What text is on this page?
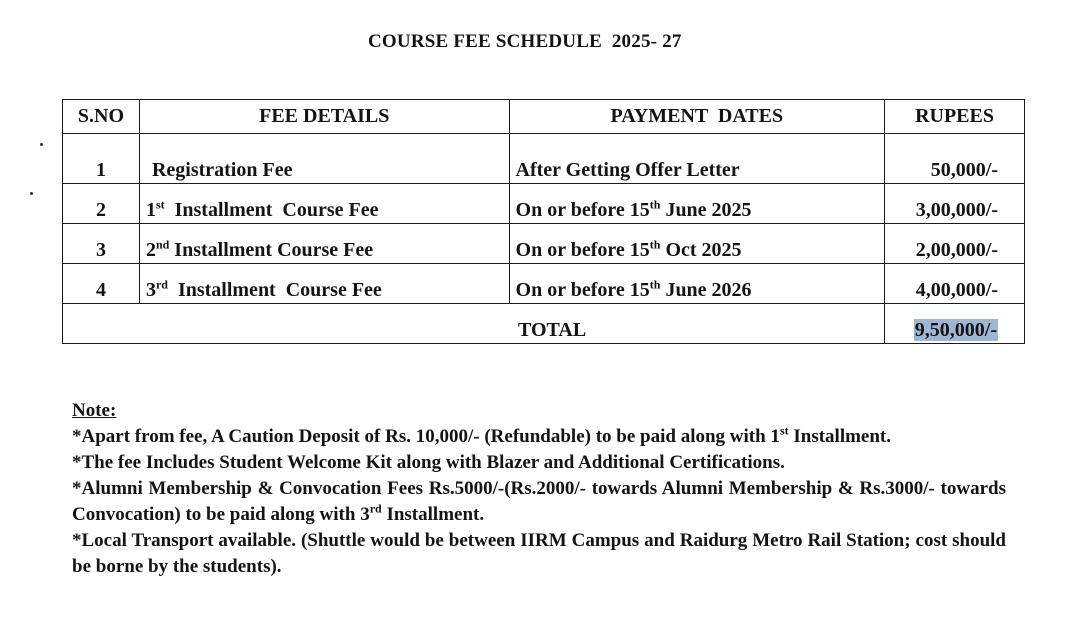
COURSE FEE SCHEDULE  2025- 27
S.NO	FEE DETAILS	PAYMENT  DATES	RUPEES
1	Registration Fee	After Getting Offer Letter	50,000/-
2	1st  Installment  Course Fee	On or before 15th June 2025	3,00,000/-
3	2nd Installment Course Fee	On or before 15th Oct 2025	2,00,000/-
4	3rd  Installment  Course Fee	On or before 15th June 2026	4,00,000/-
		TOTAL	9,50,000/-
Note:

*Apart from fee, A Caution Deposit of Rs. 10,000/- (Refundable) to be paid along with 1st Installment.

*The fee Includes Student Welcome Kit along with Blazer and Additional Certifications.

*Alumni Membership & Convocation Fees Rs.5000/-(Rs.2000/- towards Alumni Membership & Rs.3000/- towards Convocation) to be paid along with 3rd Installment.

*Local Transport available. (Shuttle would be between IIRM Campus and Raidurg Metro Rail Station; cost should be borne by the students).
